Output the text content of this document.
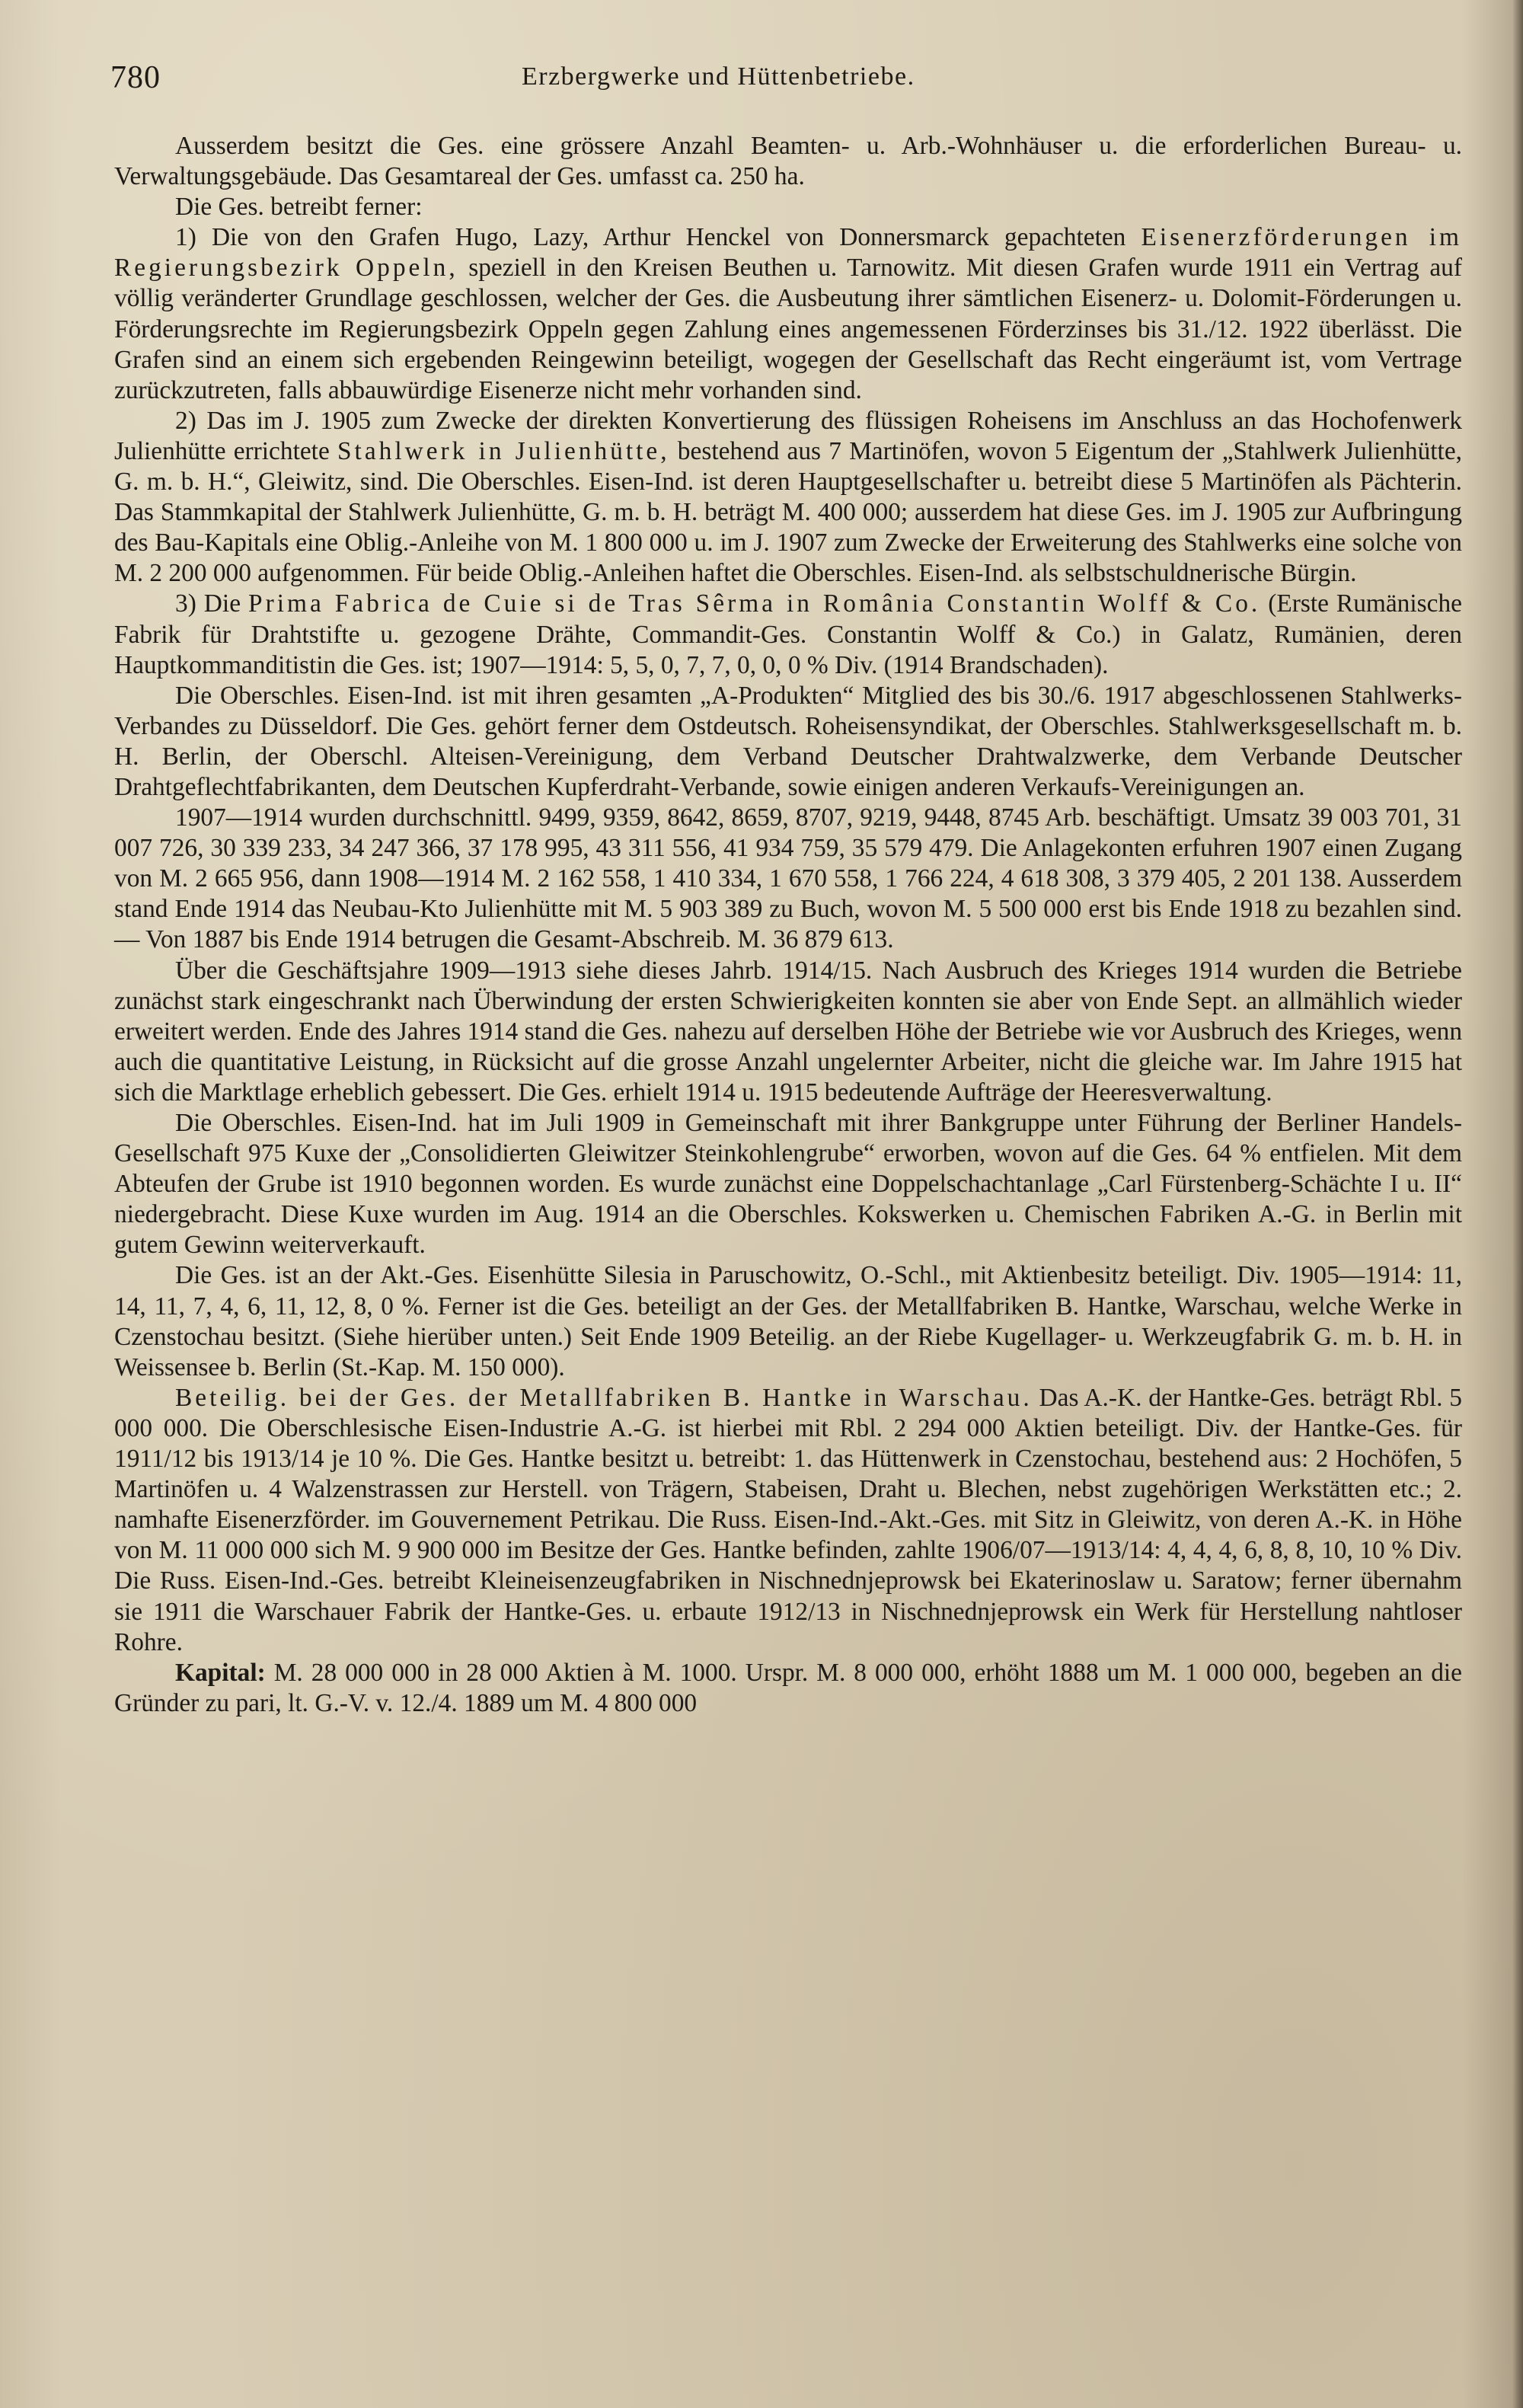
780	Erzbergwerke und Hüttenbetriebe.

Ausserdem besitzt die Ges. eine grössere Anzahl Beamten- u. Arb.-Wohnhäuser u. die erforderlichen Bureau- u. Verwaltungsgebäude. Das Gesamtareal der Ges. umfasst ca. 250 ha.

Die Ges. betreibt ferner:

1) Die von den Grafen Hugo, Lazy, Arthur Henckel von Donnersmarck gepachteten Eisenerzförderungen im Regierungsbezirk Oppeln, speziell in den Kreisen Beuthen u. Tarnowitz. Mit diesen Grafen wurde 1911 ein Vertrag auf völlig veränderter Grundlage geschlossen, welcher der Ges. die Ausbeutung ihrer sämtlichen Eisenerz- u. Dolomit-Förderungen u. Förderungsrechte im Regierungsbezirk Oppeln gegen Zahlung eines angemessenen Förderzinses bis 31./12. 1922 überlässt. Die Grafen sind an einem sich ergebenden Reingewinn beteiligt, wogegen der Gesellschaft das Recht eingeräumt ist, vom Vertrage zurückzutreten, falls abbauwürdige Eisenerze nicht mehr vorhanden sind.

2) Das im J. 1905 zum Zwecke der direkten Konvertierung des flüssigen Roheisens im Anschluss an das Hochofenwerk Julienhütte errichtete Stahlwerk in Julienhütte, bestehend aus 7 Martinöfen, wovon 5 Eigentum der „Stahlwerk Julienhütte, G. m. b. H.“, Gleiwitz, sind. Die Oberschles. Eisen-Ind. ist deren Hauptgesellschafter u. betreibt diese 5 Martinöfen als Pächterin. Das Stammkapital der Stahlwerk Julienhütte, G. m. b. H. beträgt M. 400 000; ausserdem hat diese Ges. im J. 1905 zur Aufbringung des Bau-Kapitals eine Oblig.-Anleihe von M. 1 800 000 u. im J. 1907 zum Zwecke der Erweiterung des Stahlwerks eine solche von M. 2 200 000 aufgenommen. Für beide Oblig.-Anleihen haftet die Oberschles. Eisen-Ind. als selbstschuldnerische Bürgin.

3) Die Prima Fabrica de Cuie si de Tras Sêrma in România Constantin Wolff & Co. (Erste Rumänische Fabrik für Drahtstifte u. gezogene Drähte, Commandit-Ges. Constantin Wolff & Co.) in Galatz, Rumänien, deren Hauptkommanditistin die Ges. ist; 1907—1914: 5, 5, 0, 7, 7, 0, 0, 0 % Div. (1914 Brandschaden).

Die Oberschles. Eisen-Ind. ist mit ihren gesamten „A-Produkten“ Mitglied des bis 30./6. 1917 abgeschlossenen Stahlwerks-Verbandes zu Düsseldorf. Die Ges. gehört ferner dem Ostdeutsch. Roheisensyndikat, der Oberschles. Stahlwerksgesellschaft m. b. H. Berlin, der Oberschl. Alteisen-Vereinigung, dem Verband Deutscher Drahtwalzwerke, dem Verbande Deutscher Drahtgeflechtfabrikanten, dem Deutschen Kupferdraht-Verbande, sowie einigen anderen Verkaufs-Vereinigungen an.

1907—1914 wurden durchschnittl. 9499, 9359, 8642, 8659, 8707, 9219, 9448, 8745 Arb. beschäftigt. Umsatz 39 003 701, 31 007 726, 30 339 233, 34 247 366, 37 178 995, 43 311 556, 41 934 759, 35 579 479. Die Anlagekonten erfuhren 1907 einen Zugang von M. 2 665 956, dann 1908—1914 M. 2 162 558, 1 410 334, 1 670 558, 1 766 224, 4 618 308, 3 379 405, 2 201 138. Ausserdem stand Ende 1914 das Neubau-Kto Julienhütte mit M. 5 903 389 zu Buch, wovon M. 5 500 000 erst bis Ende 1918 zu bezahlen sind. — Von 1887 bis Ende 1914 betrugen die Gesamt-Abschreib. M. 36 879 613.

Über die Geschäftsjahre 1909—1913 siehe dieses Jahrb. 1914/15. Nach Ausbruch des Krieges 1914 wurden die Betriebe zunächst stark eingeschrankt nach Überwindung der ersten Schwierigkeiten konnten sie aber von Ende Sept. an allmählich wieder erweitert werden. Ende des Jahres 1914 stand die Ges. nahezu auf derselben Höhe der Betriebe wie vor Ausbruch des Krieges, wenn auch die quantitative Leistung, in Rücksicht auf die grosse Anzahl ungelernter Arbeiter, nicht die gleiche war. Im Jahre 1915 hat sich die Marktlage erheblich gebessert. Die Ges. erhielt 1914 u. 1915 bedeutende Aufträge der Heeresverwaltung.

Die Oberschles. Eisen-Ind. hat im Juli 1909 in Gemeinschaft mit ihrer Bankgruppe unter Führung der Berliner Handels-Gesellschaft 975 Kuxe der „Consolidierten Gleiwitzer Steinkohlengrube“ erworben, wovon auf die Ges. 64 % entfielen. Mit dem Abteufen der Grube ist 1910 begonnen worden. Es wurde zunächst eine Doppelschachtanlage „Carl Fürstenberg-Schächte I u. II“ niedergebracht. Diese Kuxe wurden im Aug. 1914 an die Oberschles. Kokswerken u. Chemischen Fabriken A.-G. in Berlin mit gutem Gewinn weiterverkauft.

Die Ges. ist an der Akt.-Ges. Eisenhütte Silesia in Paruschowitz, O.-Schl., mit Aktienbesitz beteiligt. Div. 1905—1914: 11, 14, 11, 7, 4, 6, 11, 12, 8, 0 %. Ferner ist die Ges. beteiligt an der Ges. der Metallfabriken B. Hantke, Warschau, welche Werke in Czenstochau besitzt. (Siehe hierüber unten.) Seit Ende 1909 Beteilig. an der Riebe Kugellager- u. Werkzeugfabrik G. m. b. H. in Weissensee b. Berlin (St.-Kap. M. 150 000).

Beteilig. bei der Ges. der Metallfabriken B. Hantke in Warschau. Das A.-K. der Hantke-Ges. beträgt Rbl. 5 000 000. Die Oberschlesische Eisen-Industrie A.-G. ist hierbei mit Rbl. 2 294 000 Aktien beteiligt. Div. der Hantke-Ges. für 1911/12 bis 1913/14 je 10 %. Die Ges. Hantke besitzt u. betreibt: 1. das Hüttenwerk in Czenstochau, bestehend aus: 2 Hochöfen, 5 Martinöfen u. 4 Walzenstrassen zur Herstell. von Trägern, Stabeisen, Draht u. Blechen, nebst zugehörigen Werkstätten etc.; 2. namhafte Eisenerzförder. im Gouvernement Petrikau. Die Russ. Eisen-Ind.-Akt.-Ges. mit Sitz in Gleiwitz, von deren A.-K. in Höhe von M. 11 000 000 sich M. 9 900 000 im Besitze der Ges. Hantke befinden, zahlte 1906/07—1913/14: 4, 4, 4, 6, 8, 8, 10, 10 % Div. Die Russ. Eisen-Ind.-Ges. betreibt Kleineisenzeugfabriken in Nischnednjeprowsk bei Ekaterinoslaw u. Saratow; ferner übernahm sie 1911 die Warschauer Fabrik der Hantke-Ges. u. erbaute 1912/13 in Nischnednjeprowsk ein Werk für Herstellung nahtloser Rohre.

Kapital: M. 28 000 000 in 28 000 Aktien à M. 1000. Urspr. M. 8 000 000, erhöht 1888 um M. 1 000 000, begeben an die Gründer zu pari, lt. G.-V. v. 12./4. 1889 um M. 4 800 000
